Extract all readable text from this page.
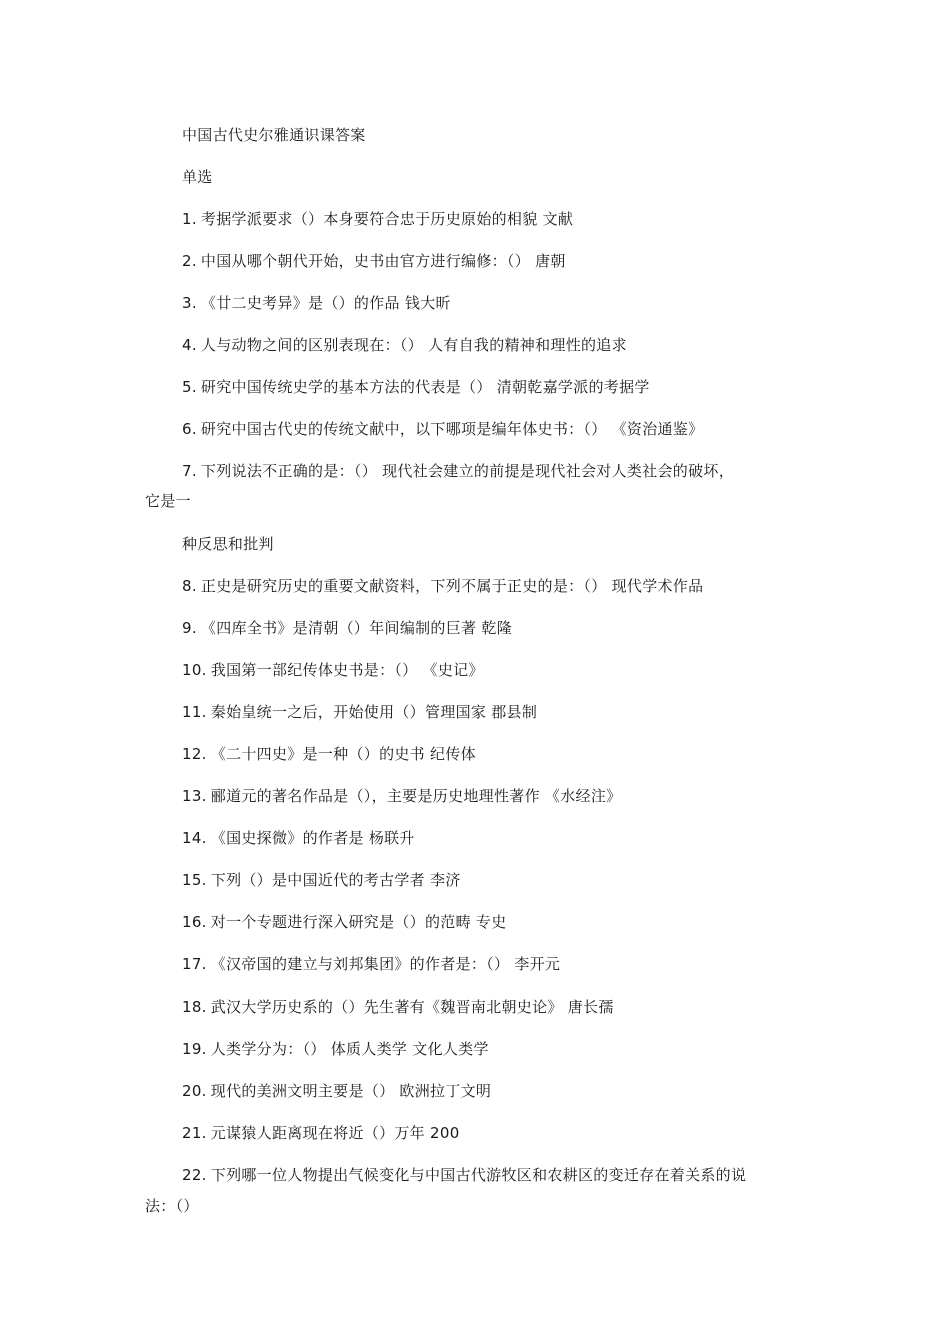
中国古代史尔雅通识课答案
单选
1. 考据学派要求（）本身要符合忠于历史原始的相貌 文献
2. 中国从哪个朝代开始，史书由官方进行编修：（） 唐朝
3. 《廿二史考异》是（）的作品 钱大昕
4. 人与动物之间的区别表现在：（） 人有自我的精神和理性的追求
5. 研究中国传统史学的基本方法的代表是（） 清朝乾嘉学派的考据学
6. 研究中国古代史的传统文献中，以下哪项是编年体史书：（） 《资治通鉴》
7. 下列说法不正确的是：（） 现代社会建立的前提是现代社会对人类社会的破坏，
它是一
种反思和批判
8. 正史是研究历史的重要文献资料，下列不属于正史的是：（） 现代学术作品
9. 《四库全书》是清朝（）年间编制的巨著 乾隆
10. 我国第一部纪传体史书是：（） 《史记》
11. 秦始皇统一之后，开始使用（）管理国家 郡县制
12. 《二十四史》是一种（）的史书 纪传体
13. 郦道元的著名作品是（），主要是历史地理性著作 《水经注》
14. 《国史探微》的作者是 杨联升
15. 下列（）是中国近代的考古学者 李济
16. 对一个专题进行深入研究是（）的范畴 专史
17. 《汉帝国的建立与刘邦集团》的作者是：（） 李开元
18. 武汉大学历史系的（）先生著有《魏晋南北朝史论》 唐长孺
19. 人类学分为：（） 体质人类学 文化人类学
20. 现代的美洲文明主要是（） 欧洲拉丁文明
21. 元谋猿人距离现在将近（）万年 200
22. 下列哪一位人物提出气候变化与中国古代游牧区和农耕区的变迁存在着关系的说
法：（）
